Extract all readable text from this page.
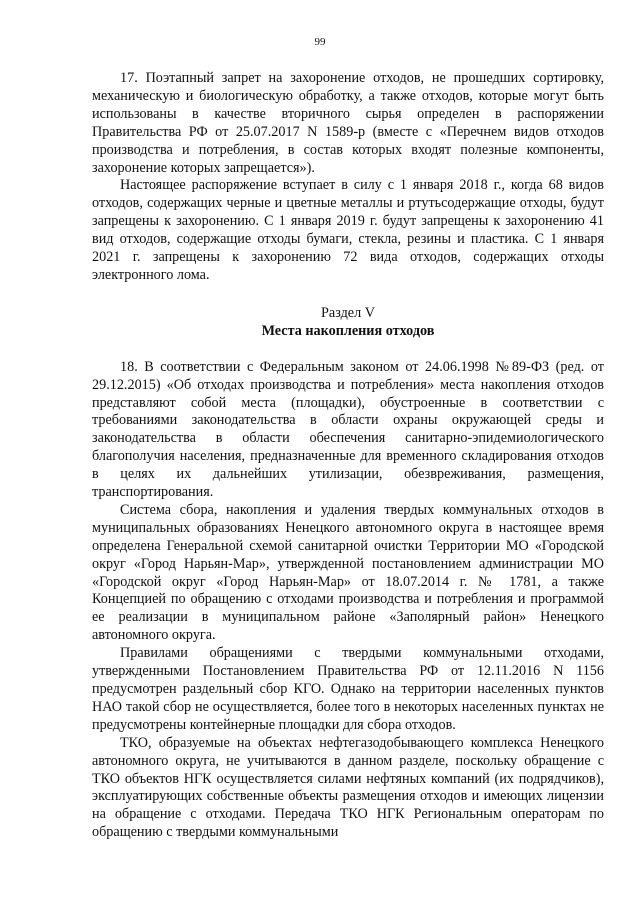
99

17. Поэтапный запрет на захоронение отходов, не прошедших сортировку, механическую и биологическую обработку, а также отходов, которые могут быть использованы в качестве вторичного сырья определен в распоряжении Правительства РФ от 25.07.2017 N 1589-р (вместе с «Перечнем видов отходов производства и потребления, в состав которых входят полезные компоненты, захоронение которых запрещается»).

Настоящее распоряжение вступает в силу с 1 января 2018 г., когда 68 видов отходов, содержащих черные и цветные металлы и ртутьсодержащие отходы, будут запрещены к захоронению. С 1 января 2019 г. будут запрещены к захоронению 41 вид отходов, содержащие отходы бумаги, стекла, резины и пластика. С 1 января 2021 г. запрещены к захоронению 72 вида отходов, содержащих отходы электронного лома.

Раздел V
Места накопления отходов

18. В соответствии с Федеральным законом от 24.06.1998 №89-ФЗ (ред. от 29.12.2015) «Об отходах производства и потребления» места накопления отходов представляют собой места (площадки), обустроенные в соответствии с требованиями законодательства в области охраны окружающей среды и законодательства в области обеспечения санитарно-эпидемиологического благополучия населения, предназначенные для временного складирования отходов в целях их дальнейших утилизации, обезвреживания, размещения, транспортирования.

Система сбора, накопления и удаления твердых коммунальных отходов в муниципальных образованиях Ненецкого автономного округа в настоящее время определена Генеральной схемой санитарной очистки Территории МО «Городской округ «Город Нарьян-Мар», утвержденной постановлением администрации МО «Городской округ «Город Нарьян-Мар» от 18.07.2014 г. № 1781, а также Концепцией по обращению с отходами производства и потребления и программой ее реализации в муниципальном районе «Заполярный район» Ненецкого автономного округа.

Правилами обращениями с твердыми коммунальными отходами, утвержденными Постановлением Правительства РФ от 12.11.2016 N 1156 предусмотрен раздельный сбор КГО. Однако на территории населенных пунктов НАО такой сбор не осуществляется, более того в некоторых населенных пунктах не предусмотрены контейнерные площадки для сбора отходов.

ТКО, образуемые на объектах нефтегазодобывающего комплекса Ненецкого автономного округа, не учитываются в данном разделе, поскольку обращение с ТКО объектов НГК осуществляется силами нефтяных компаний (их подрядчиков), эксплуатирующих собственные объекты размещения отходов и имеющих лицензии на обращение с отходами. Передача ТКО НГК Региональным операторам по обращению с твердыми коммунальными
